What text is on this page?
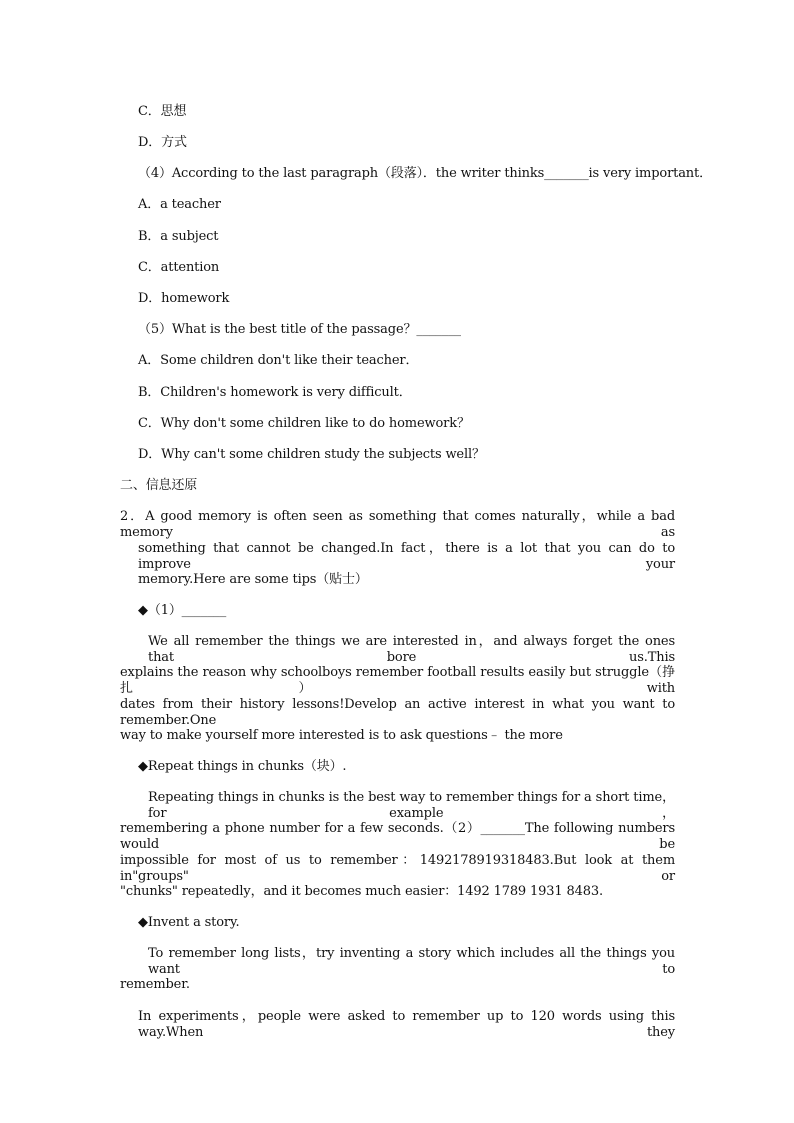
C．思想
D．方式
（4）According to the last paragraph（段落）．the writer thinks_______is very important．
A．a teacher
B．a subject
C．attention
D．homework
（5）What is the best title of the passage？_______
A．Some children don't like their teacher．
B．Children's homework is very difficult．
C．Why don't some children like to do homework？
D．Why can't some children study the subjects well？
二、信息还原
2．A good memory is often seen as something that comes naturally，while a bad memory as
something that cannot be changed.In fact，there is a lot that you can do to improve your
memory.Here are some tips（贴士）
◆（1）_______
We all remember the things we are interested in，and always forget the ones that bore us.This
explains the reason why schoolboys remember football results easily but struggle（挣扎） with
dates from their history lessons!Develop an active interest in what you want to remember.One
way to make yourself more interested is to ask questions﹣ the more
◆Repeat things in chunks（块）.
Repeating things in chunks is the best way to remember things for a short time，for example，
remembering a phone number for a few seconds.（2）_______The following numbers would be
impossible for most of us to remember：1492178919318483.But look at them in"groups" or
"chunks" repeatedly，and it becomes much easier：1492 1789 1931 8483.
◆Invent a story.
To remember long lists，try inventing a story which includes all the things you want to
remember.
In experiments，people were asked to remember up to 120 words using this way.When they
